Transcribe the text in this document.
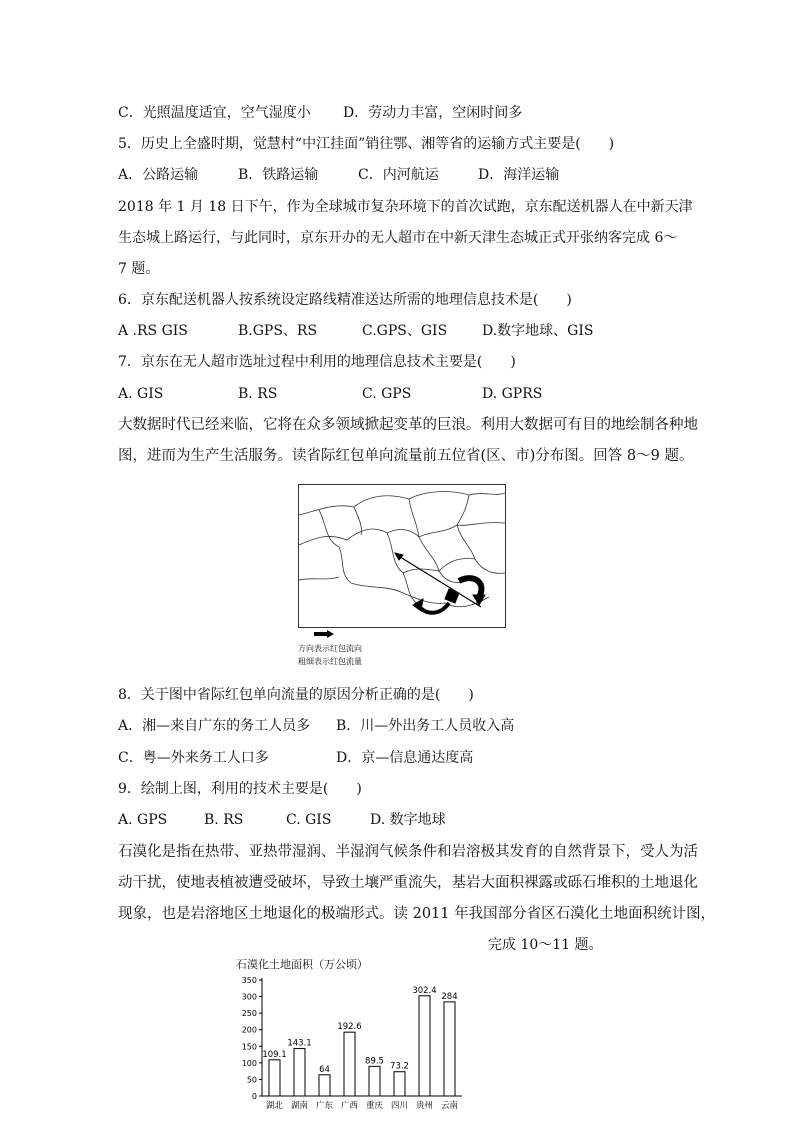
C．光照温度适宜，空气湿度小 D．劳动力丰富，空闲时间多
5．历史上全盛时期，觉慧村“中江挂面”销往鄂、湘等省的运输方式主要是(　　)
A．公路运输	B．铁路运输	C．内河航运	D．海洋运输
2018 年 1 月 18 日下午，作为全球城市复杂环境下的首次试跑，京东配送机器人在中新天津
生态城上路运行，与此同时，京东开办的无人超市在中新天津生态城正式开张纳客完成 6～
7 题。
6．京东配送机器人按系统设定路线精准送达所需的地理信息技术是(　　)
A .RS GIS	B.GPS、RS	C.GPS、GIS D.数字地球、GIS
7．京东在无人超市选址过程中利用的地理信息技术主要是(　　)
A. GIS	B. RS	C. GPS	D. GPRS
大数据时代已经来临，它将在众多领域掀起变革的巨浪。利用大数据可有目的地绘制各种地
图，进而为生产生活服务。读省际红包单向流量前五位省(区、市)分布图。回答 8～9 题。
方向表示红包流向
粗细表示红包流量
8．关于图中省际红包单向流量的原因分析正确的是(　　)
A．湘—来自广东的务工人员多 B．川—外出务工人员收入高
C．粤—外来务工人口多	D．京—信息通达度高
9．绘制上图，利用的技术主要是(　　)
A. GPS	B. RS	C. GIS	D. 数字地球
石漠化是指在热带、亚热带湿润、半湿润气候条件和岩溶极其发育的自然背景下，受人为活
动干扰，使地表植被遭受破坏，导致土壤严重流失，基岩大面积裸露或砾石堆积的土地退化
现象，也是岩溶地区土地退化的极端形式。读 2011 年我国部分省区石漠化土地面积统计图，
完成 10～11 题。
石漠化土地面积（万公顷）
0
50
100
150
200
250
300
350
109.1
湖北
143.1
湖南
64
广东
192.6
广西
89.5
重庆
73.2
四川
302.4
贵州
284
云南
